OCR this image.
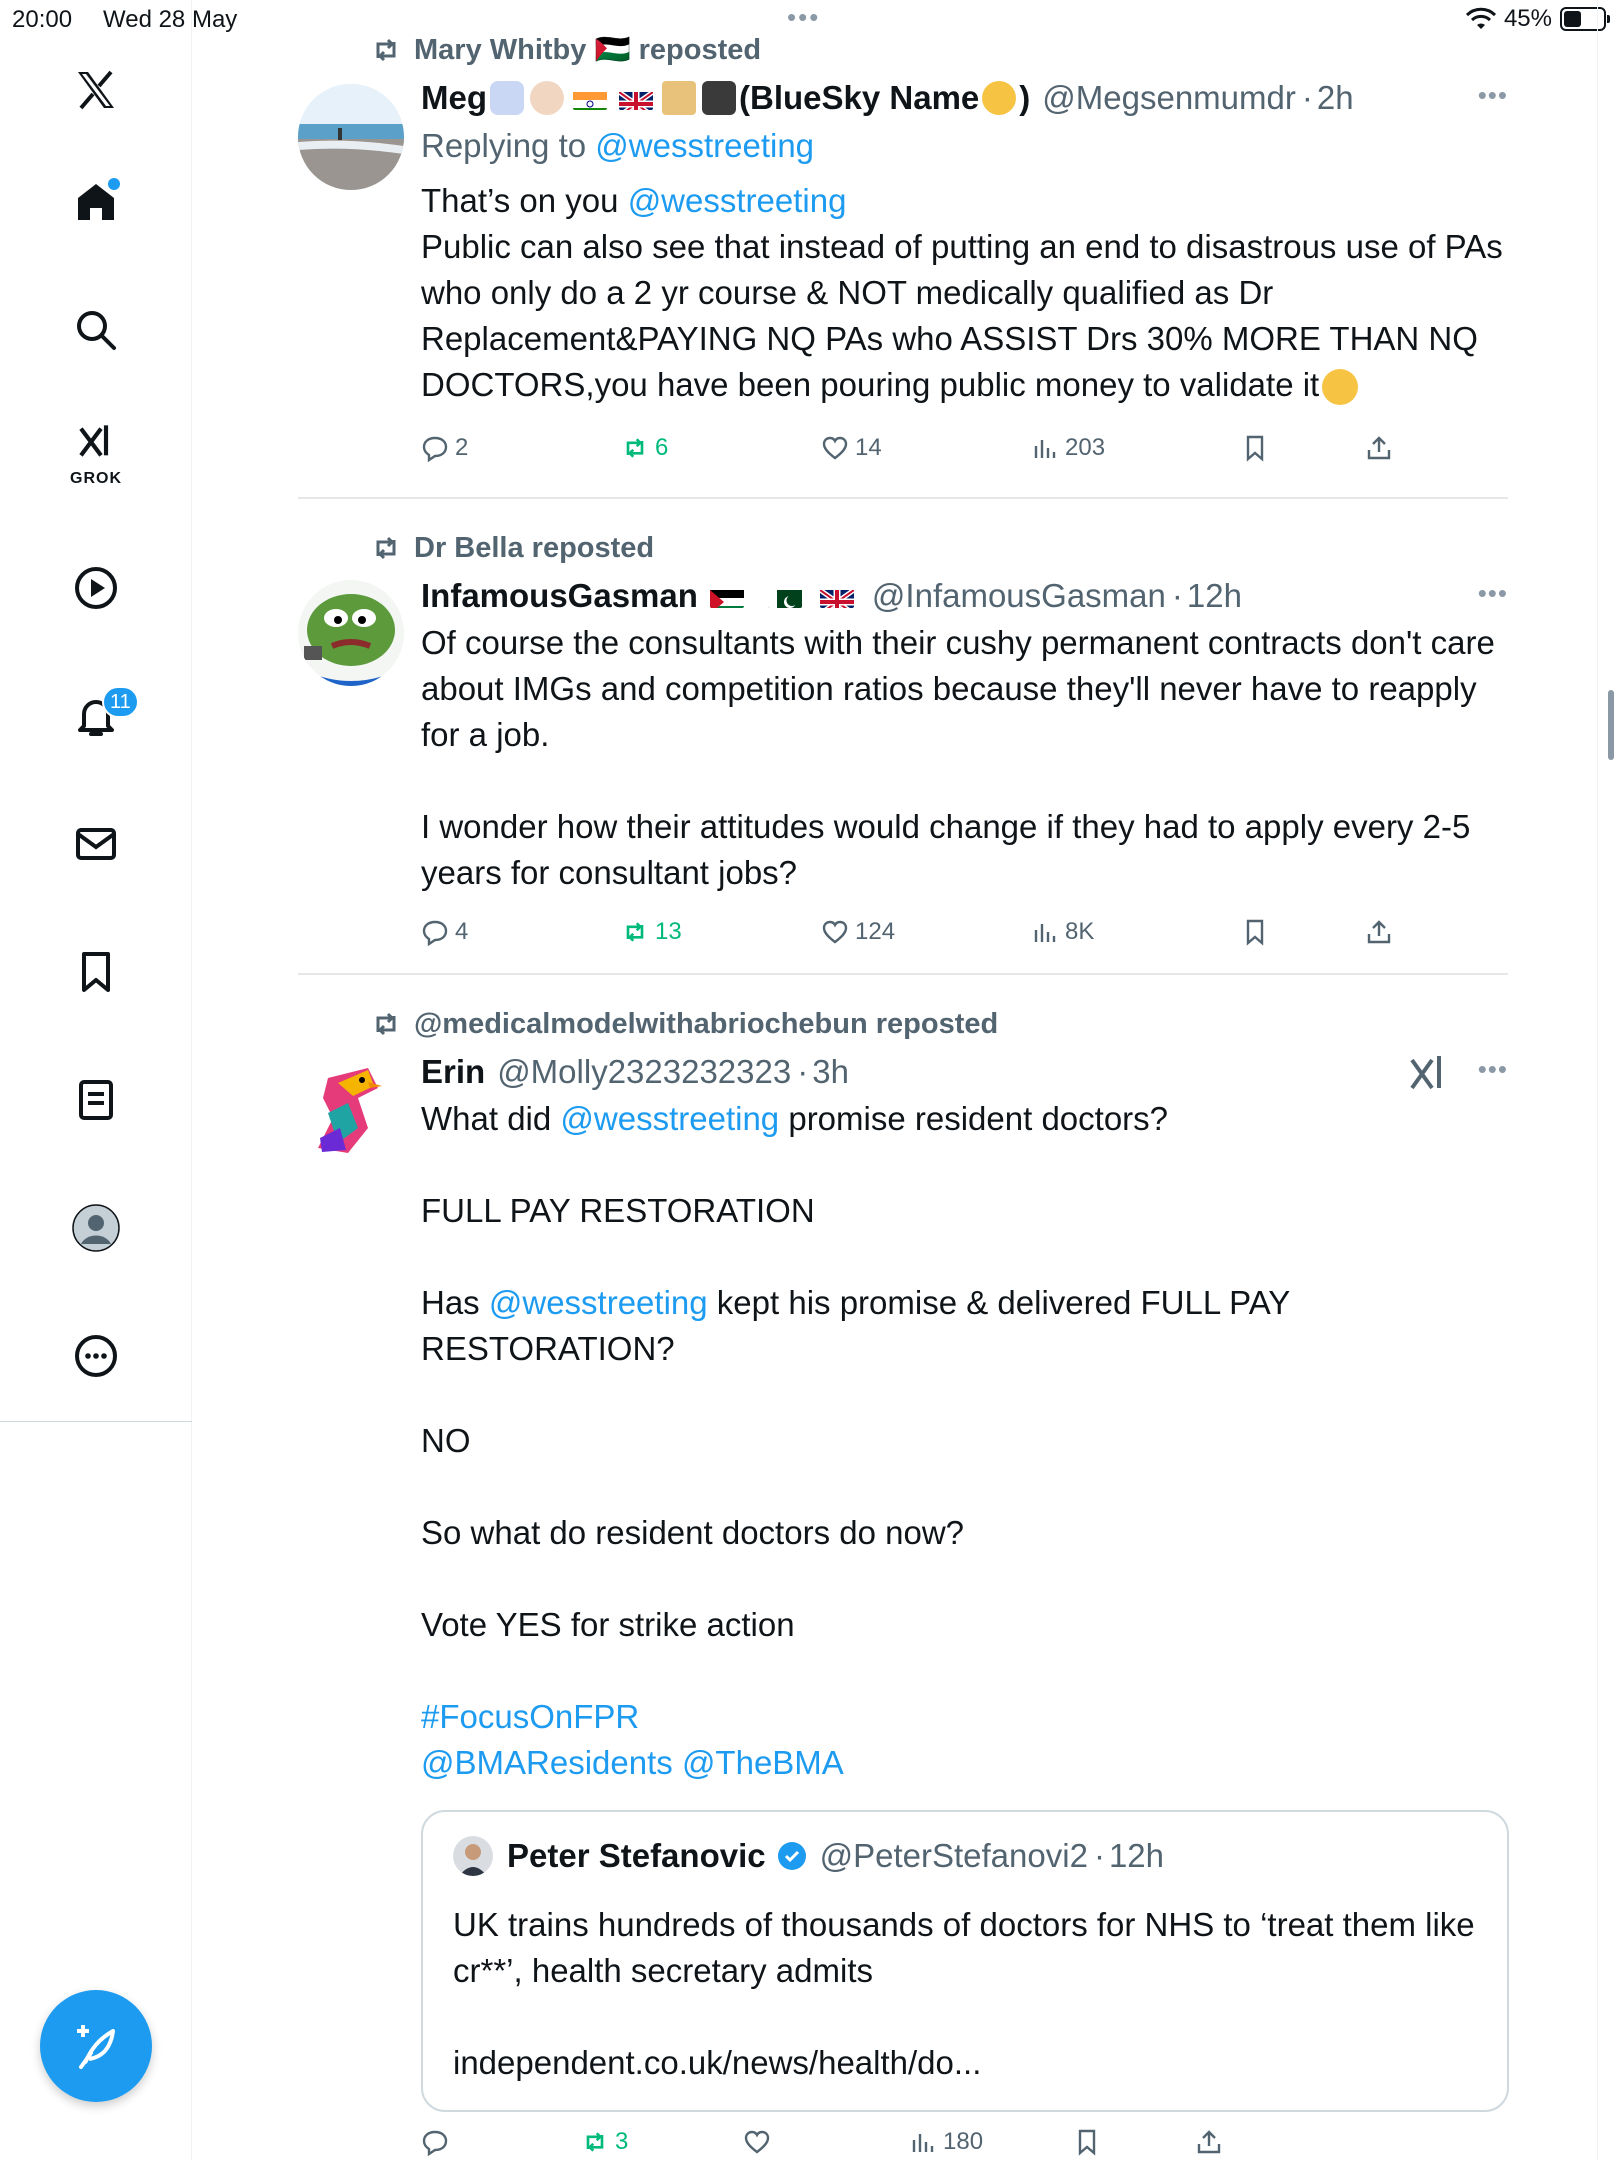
20:00 Wed 28 May	•••	45%
GROK
11
Mary Whitby 🇵🇸 reposted
Meg	(BlueSky Name ) @Megsenmumdr · 2h	•••
Replying to @wesstreeting

That’s on you @wesstreeting

Public can also see that instead of putting an end to disastrous use of PAs who only do a 2 yr course & NOT medically qualified as Dr Replacement&PAYING NQ PAs who ASSIST Drs 30% MORE THAN NQ DOCTORS,you have been pouring public money to validate it

2	6	14	203
Dr Bella reposted
InfamousGasman	@InfamousGasman · 12h	•••

Of course the consultants with their cushy permanent contracts don't care about IMGs and competition ratios because they'll never have to reapply for a job.

I wonder how their attitudes would change if they had to apply every 2-5 years for consultant jobs?

4	13	124	8K
@medicalmodelwithabriochebun reposted
Erin @Molly2323232323 · 3h	•••

What did @wesstreeting promise resident doctors?

FULL PAY RESTORATION

Has @wesstreeting kept his promise & delivered FULL PAY RESTORATION?

NO

So what do resident doctors do now?

Vote YES for strike action

#FocusOnFPR

@BMAResidents @TheBMA

Peter Stefanovic @PeterStefanovi2 · 12h

UK trains hundreds of thousands of doctors for NHS to ‘treat them like cr**’, health secretary admits

independent.co.uk/news/health/do...

3	180
